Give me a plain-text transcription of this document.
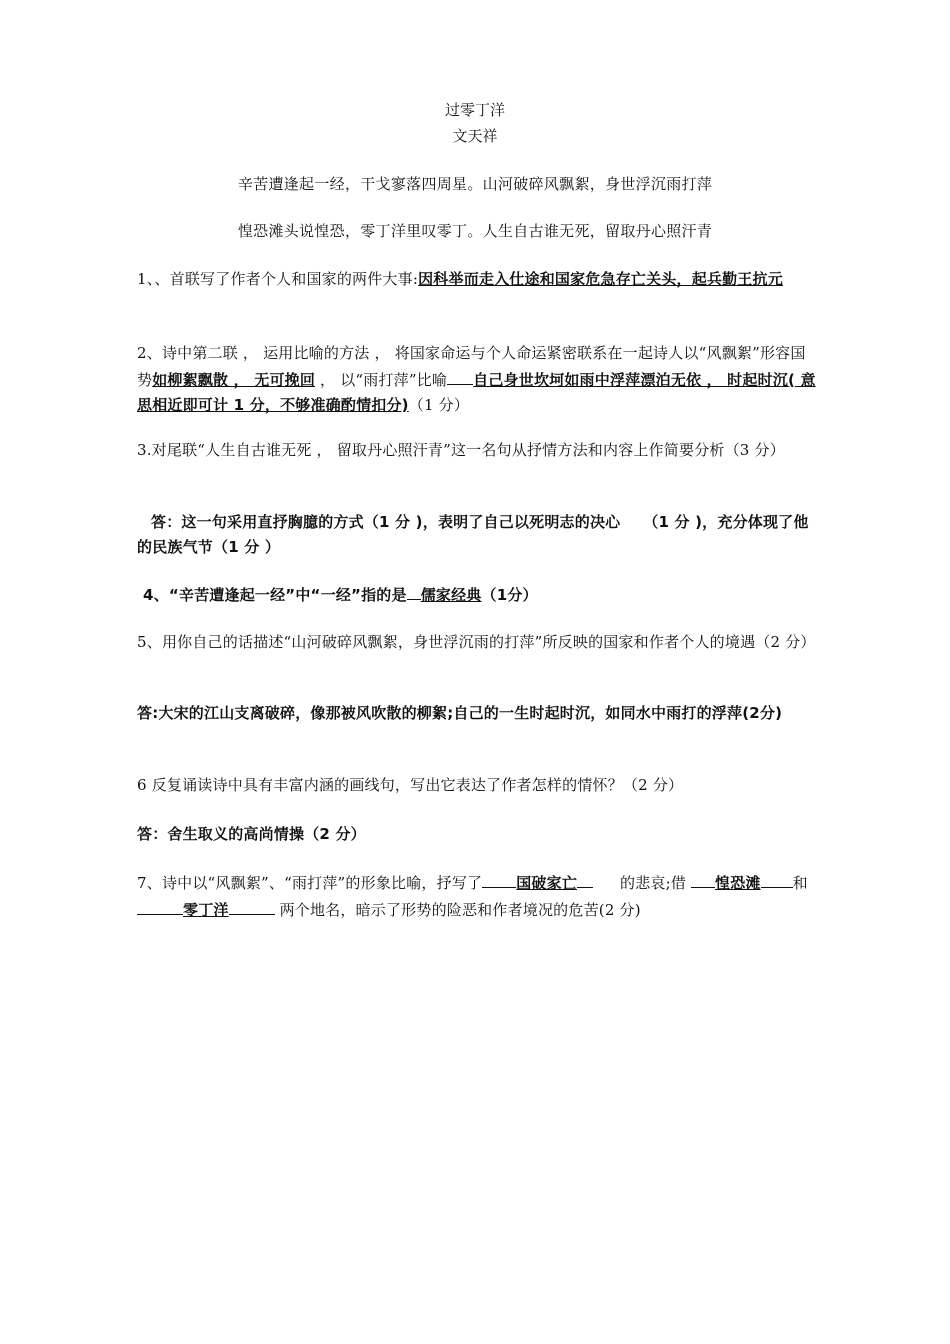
过零丁洋
文天祥
辛苦遭逢起一经，干戈寥落四周星。山河破碎风飘絮，身世浮沉雨打萍
惶恐滩头说惶恐，零丁洋里叹零丁。人生自古谁无死，留取丹心照汗青
1、、首联写了作者个人和国家的两件大事:因科举而走入仕途和国家危急存亡关头，起兵勤王抗元
2、诗中第二联 ， 运用比喻的方法 ， 将国家命运与个人命运紧密联系在一起诗人以“风飘絮”形容国势如柳絮飘散 ， 无可挽回 ， 以“雨打萍”比喻 自己身世坎坷如雨中浮萍漂泊无依 ， 时起时沉( 意思相近即可计 1 分，不够准确酌情扣分)（1 分）
3.对尾联“人生自古谁无死 ， 留取丹心照汗青”这一名句从抒情方法和内容上作简要分析（3 分）
答：这一句采用直抒胸臆的方式（1 分 )，表明了自己以死明志的决心　　（1 分 )，充分体现了他的民族气节（1 分 ）
4、“辛苦遭逢起一经”中“一经”指的是 儒家经典（1分）
5、用你自己的话描述“山河破碎风飘絮，身世浮沉雨的打萍”所反映的国家和作者个人的境遇（2 分）
答:大宋的江山支离破碎，像那被风吹散的柳絮;自己的一生时起时沉，如同水中雨打的浮萍(2分)
6 反复诵读诗中具有丰富内涵的画线句，写出它表达了作者怎样的情怀？（2 分）
答：舍生取义的高尚情操（2 分）
7、诗中以“风飘絮”、“雨打萍”的形象比喻，抒写了 国破家亡	的悲哀;借 惶恐滩 和零丁洋	两个地名，暗示了形势的险恶和作者境况的危苦(2 分)
